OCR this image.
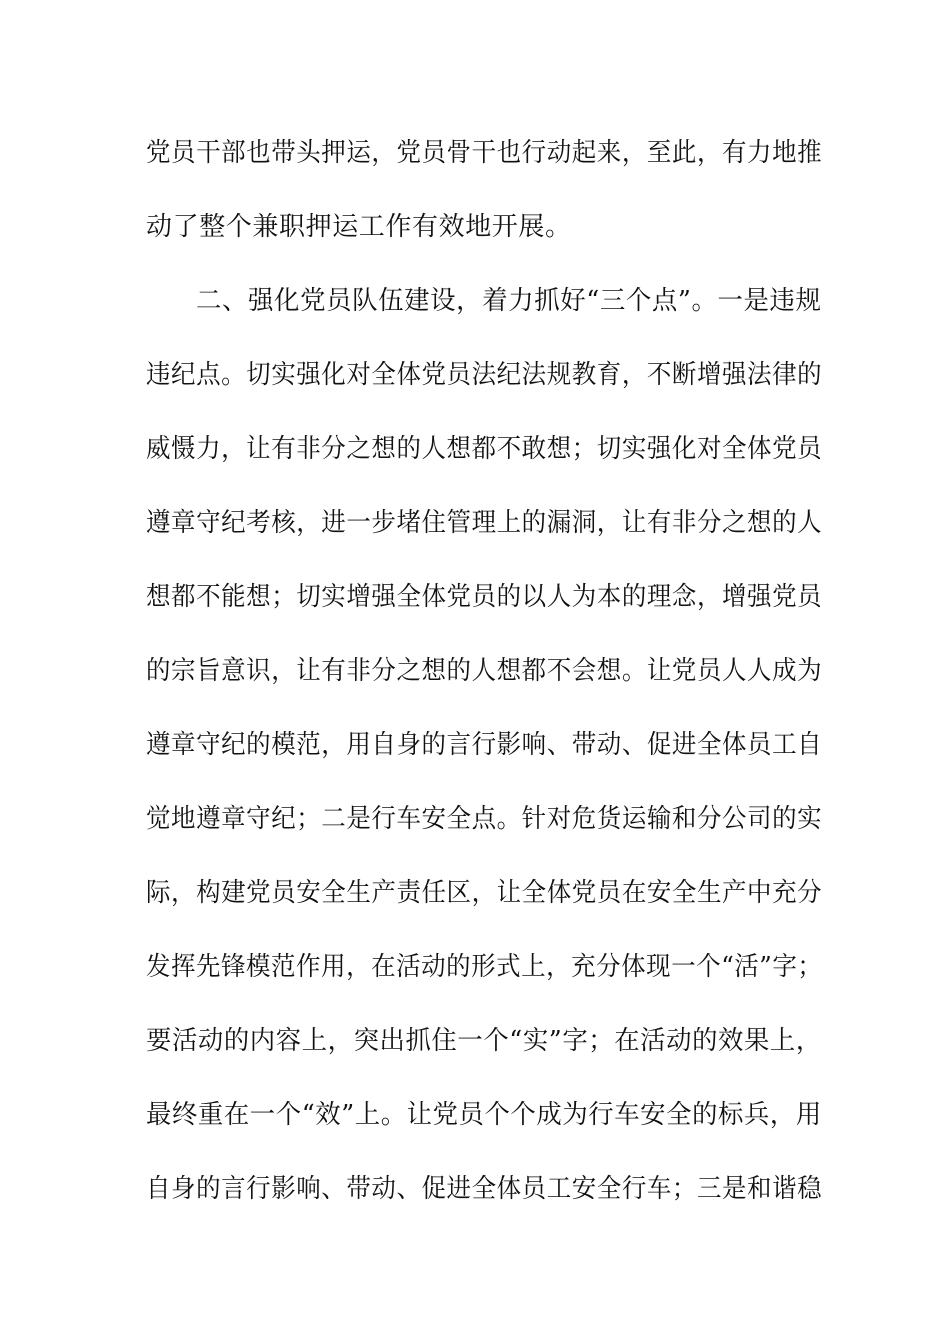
党员干部也带头押运，党员骨干也行动起来，至此，有力地推
动了整个兼职押运工作有效地开展。
二、强化党员队伍建设，着力抓好“三个点”。一是违规
违纪点。切实强化对全体党员法纪法规教育，不断增强法律的
威慑力，让有非分之想的人想都不敢想；切实强化对全体党员
遵章守纪考核，进一步堵住管理上的漏洞，让有非分之想的人
想都不能想；切实增强全体党员的以人为本的理念，增强党员
的宗旨意识，让有非分之想的人想都不会想。让党员人人成为
遵章守纪的模范，用自身的言行影响、带动、促进全体员工自
觉地遵章守纪；二是行车安全点。针对危货运输和分公司的实
际，构建党员安全生产责任区，让全体党员在安全生产中充分
发挥先锋模范作用，在活动的形式上，充分体现一个“活”字；
要活动的内容上，突出抓住一个“实”字；在活动的效果上，
最终重在一个“效”上。让党员个个成为行车安全的标兵，用
自身的言行影响、带动、促进全体员工安全行车；三是和谐稳
